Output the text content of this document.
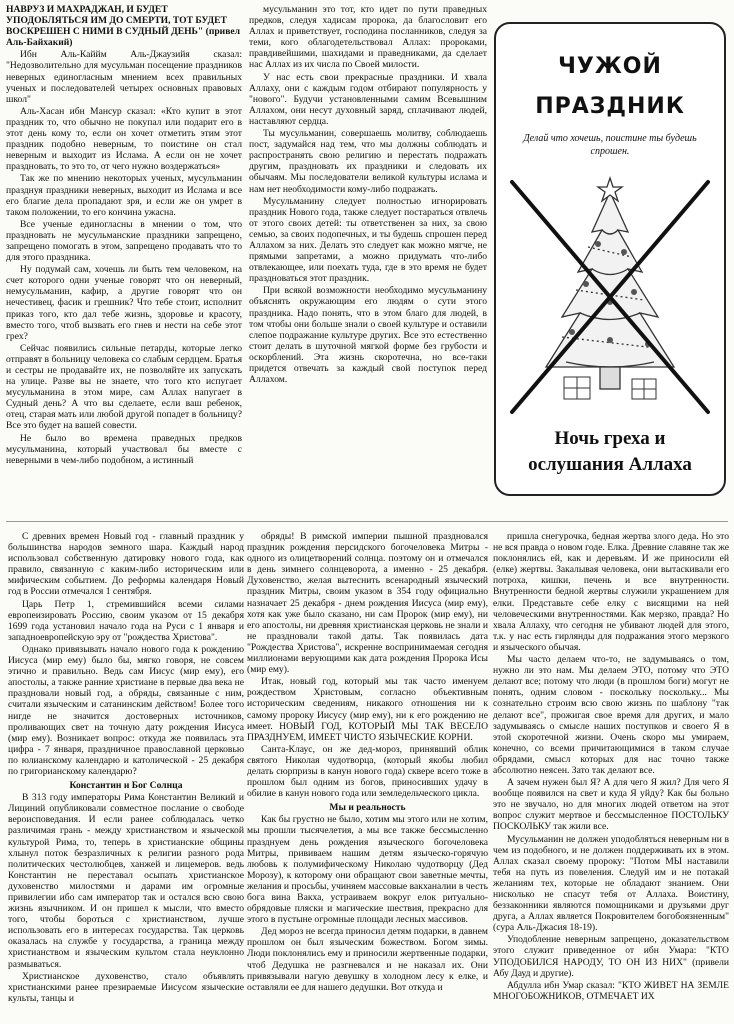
НАВРУЗ И МАХРАДЖАН, И БУДЕТ УПОДОБЛЯТЬСЯ ИМ ДО СМЕРТИ, ТОТ БУДЕТ ВОСКРЕШЕН С НИМИ В СУДНЫЙ ДЕНЬ" (привел Аль-Байхакий)

Ибн Аль-Каййм Аль-Джаузийя сказал: "Недозволительно для мусульман посещение праздников неверных единогласным мнением всех правильных ученых и последователей четырех основных правовых школ"

Аль-Хасан ибн Мансур сказал: «Кто купит в этот праздник то, что обычно не покупал или подарит его в этот день кому то, если он хочет отметить этим этот праздник подобно неверным, то поистине он стал неверным и выходит из Ислама. А если он не хочет праздновать, то это то, от чего нужно воздержаться»

Так же по мнению некоторых ученых, мусульманин празднуя праздники неверных, выходит из Ислама и все его благие дела пропадают зря, и если же он умрет в таком положении, то его кончина ужасна.

Все ученые единогласны в мнении о том, что праздновать не мусульманские праздники запрещено, запрещено помогать в этом, запрещено продавать что то для этого праздника.

Ну подумай сам, хочешь ли быть тем человеком, на счет которого одни ученые говорят что он неверный, немусульманин, кафир, а другие говорят что он нечестивец, фасик и грешник? Что тебе стоит, исполнит приказ того, кто дал тебе жизнь, здоровье и красоту, вместо того, чтоб вызвать его гнев и нести на себе этот грех?

Сейчас появились сильные петарды, которые легко отправят в больницу человека со слабым сердцем. Братья и сестры не продавайте их, не позволяйте их запускать на улице. Разве вы не знаете, что того кто испугает мусульманина в этом мире, сам Аллах напугает в Судный день? А что вы сделаете, если ваш ребенок, отец, старая мать или любой другой попадет в больницу? Все это будет на вашей совести.

Не было во времена праведных предков мусульманина, который участвовал бы вместе с неверными в чем-либо подобном, а истинный

мусульманин это тот, кто идет по пути праведных предков, следуя хадисам пророка, да благословит его Аллах и приветствует, господина посланников, следуя за теми, кого облагодетельствовал Аллах: пророками, правдивейшими, шахидами и праведниками, да сделает нас Аллах из их числа по Своей милости.

У нас есть свои прекрасные праздники. И хвала Аллаху, они с каждым годом отбирают популярность у "нового". Будучи установленными самим Всевышним Аллахом, они несут духовный заряд, сплачивают людей, наставляют сердца.

Ты мусульманин, совершаешь молитву, соблюдаешь пост, задумайся над тем, что мы должны соблюдать и распространять свою религию и перестать подражать другим, праздновать их праздники и следовать их обычаям. Мы последователи великой культуры ислама и нам нет необходимости кому-либо подражать.

Мусульманину следует полностью игнорировать праздник Нового года, также следует постараться отвлечь от этого своих детей: ты ответственен за них, за свою семью, за своих подопечных, и ты будешь спрошен перед Аллахом за них. Делать это следует как можно мягче, не прямыми запретами, а можно придумать что-либо отвлекающее, или поехать туда, где в это время не будет праздноваться этот праздник.

При всякой возможности необходимо мусульманину объяснять окружающим его людям о сути этого праздника. Надо понять, что в этом благо для людей, в том чтобы они больше знали о своей культуре и оставили слепое подражание культуре других. Все это естественно стоит делать в шуточной мягкой форме без грубости и оскорблений. Эта жизнь скоротечна, но все-таки придется отвечать за каждый свой поступок перед Аллахом.

ЧУЖОЙ
ПРАЗДНИК
Делай что хочешь, поистине ты будешь спрошен.
Ночь греха и
ослушания Аллаха

С древних времен Новый год - главный праздник у большинства народов земного шара. Каждый народ использовал собственную датировку нового года, как правило, связанную с каким-либо историческим или мифическим событием. До реформы календаря Новый год в России отмечался 1 сентября.

Царь Петр 1, стремившийся всеми силами европеизировать Россию, своим указом от 15 декабря 1699 года установил начало года на Руси с 1 января и западноевропейскую эру от "рождества Христова".

Однако привязывать начало нового года к рождению Иисуса (мир ему) было бы, мягко говоря, не совсем этично и правильно. Ведь сам Иисус (мир ему), его апостолы, а также ранние христиане в первые два века не праздновали новый год, а обряды, связанные с ним, считали языческим и сатанинским действом! Более того нигде не значится достоверных источников, проливающих свет на точную дату рождения Иисуса (мир ему). Возникает вопрос: откуда же появилась эта цифра - 7 января, праздничное православной церковью по юлианскому календарю и католической - 25 декабря по григорианскому календарю?

Константин и Бог Солнца

В 313 году императоры Рима Константин Великий и Лициний опубликовали совместное послание о свободе вероисповедания. И если ранее соблюдалась четко различимая грань - между христианством и языческой культурой Рима, то, теперь в христианские общины хлынул поток безразличных к религии разного рода политических честолюбцев, ханжей и лицемеров. ведь Константин не переставал осыпать христианское духовенство милостями и дарами им огромные привилегии ибо сам император так и остался всю свою жизнь язычником. И он пришел к мысли, что вместо того, чтобы бороться с христианством, лучше использовать его в интересах государства. Так церковь оказалась на службе у государства, а граница между христианством и языческим культом стала неуклонно размываться.

Христианское духовенство, стало объявлять христианскими ранее презираемые Иисусом языческие культы, танцы и

обряды! В римской империи пышной праздновался праздник рождения персидского богочеловека Митры - одного из олицетворений солнца. поэтому он и отмечался в день зимнего солнцеворота, а именно - 25 декабря. Духовенство, желая вытеснить всенародный языческий праздник Митры, своим указом в 354 году официально назначает 25 декабря - днем рождения Иисуса (мир ему), хотя как уже было сказано, ни сам Пророк (мир ему), ни его апостолы, ни древняя христианская церковь не знали и не праздновали такой даты. Так появилась дата "Рождества Христова", искренне воспринимаемая сегодня миллионами верующими как дата рождения Пророка Исы (мир ему).

Итак, новый год, который мы так часто именуем рождеством Христовым, согласно объективным историческим сведениям, никакого отношения ни к самому пророку Иисусу (мир ему), ни к его рождению не имеет. НОВЫЙ ГОД, КОТОРЫЙ МЫ ТАК ВЕСЕЛО ПРАЗДНУЕМ, ИМЕЕТ ЧИСТО ЯЗЫЧЕСКИЕ КОРНИ.

Санта-Клаус, он же дед-мороз, принявший облик святого Николая чудотворца, (который якобы любил делать сюрпризы в канун нового года) сквере всего тоже в прошлом был одним из богов, приносивших удачу в обилие в канун нового года или земледельческого цикла.

Мы и реальность

Как бы грустно не было, хотим мы этого или не хотим, мы прошли тысячелетия, а мы все также бессмысленно празднуем день рождения языческого богочеловека Митры, прививаем нашим детям языческо-горячую любовь к полумифическому Николаю чудотворцу (Дед Морозу), к которому они обращают свои заветные мечты, желания и просьбы, учиняем массовые вакханалии в честь бога вина Вакха, устраиваем вокруг елок ритуально-обрядовые пляски и магические шествия, прекрасно для этого в пустыне огромные площади лесных массивов.

Дед мороз не всегда приносил детям подарки, в давнем прошлом он был языческим божеством. Богом зимы. Люди поклонялись ему и приносили жертвенные подарки, чтоб Дедушка не разгневался и не наказал их. Они привязывали нагую девушку в холодном лесу к елке, и оставляли ее для нашего дедушки. Вот откуда и

пришла снегурочка, бедная жертва злого деда. Но это не вся правда о новом годе. Елка. Древние славяне так же поклонялись ей, как и деревьям. И же приносили ей (елке) жертвы. Закалывая человека, они вытаскивали его потроха, кишки, печень и все внутренности. Внутренности бедной жертвы служили украшением для елки. Представьте себе елку с висящими на ней человеческими внутренностями. Как мерзко, правда? Но хвала Аллаху, что сегодня не убивают людей для этого, т.к. у нас есть гирлянды для подражания этого мерзкого и языческого обычая.

Мы часто делаем что-то, не задумываясь о том, нужно ли это нам. Мы делаем ЭТО, потому что ЭТО делают все; потому что люди (в прошлом боги) могут не понять, одним словом - поскольку поскольку... Мы сознательно строим всю свою жизнь по шаблону "так делают все", прожигая свое время для других, и мало задумываясь о смысле наших поступков и своего Я в этой скоротечной жизни. Очень скоро мы умираем, конечно, со всеми причитающимися в таком случае обрядами, смысл которых для нас точно также абсолютно неясен. Зато так делают все.

А зачем нужен был Я? А для чего Я жил? Для чего Я вообще появился на свет и куда Я уйду? Как бы больно это не звучало, но для многих людей ответом на этот вопрос служит мертвое и бессмысленное ПОСТОЛЬКУ ПОСКОЛЬКУ так жили все.

Мусульманин не должен уподобляться неверным ни в чем из подобного, и не должен поддерживать их в этом. Аллах сказал своему пророку: "Потом МЫ наставили тебя на путь из повеления. Следуй им и не потакай желаниям тех, которые не обладают знанием. Они нисколько не спасут тебя от Аллаха. Воистину, беззаконники являются помощниками и друзьями друг друга, а Аллах является Покровителем богобоязненным" (сура Аль-Джасия 18-19).

Уподобление неверным запрещено, доказательством этого служит приведенное от ибн Умара: "КТО УПОДОБИЛСЯ НАРОДУ, ТО ОН ИЗ НИХ" (привели Абу Дауд и другие).

Абдулла ибн Умар сказал: "КТО ЖИВЕТ НА ЗЕМЛЕ МНОГОБОЖНИКОВ, ОТМЕЧАЕТ ИХ
